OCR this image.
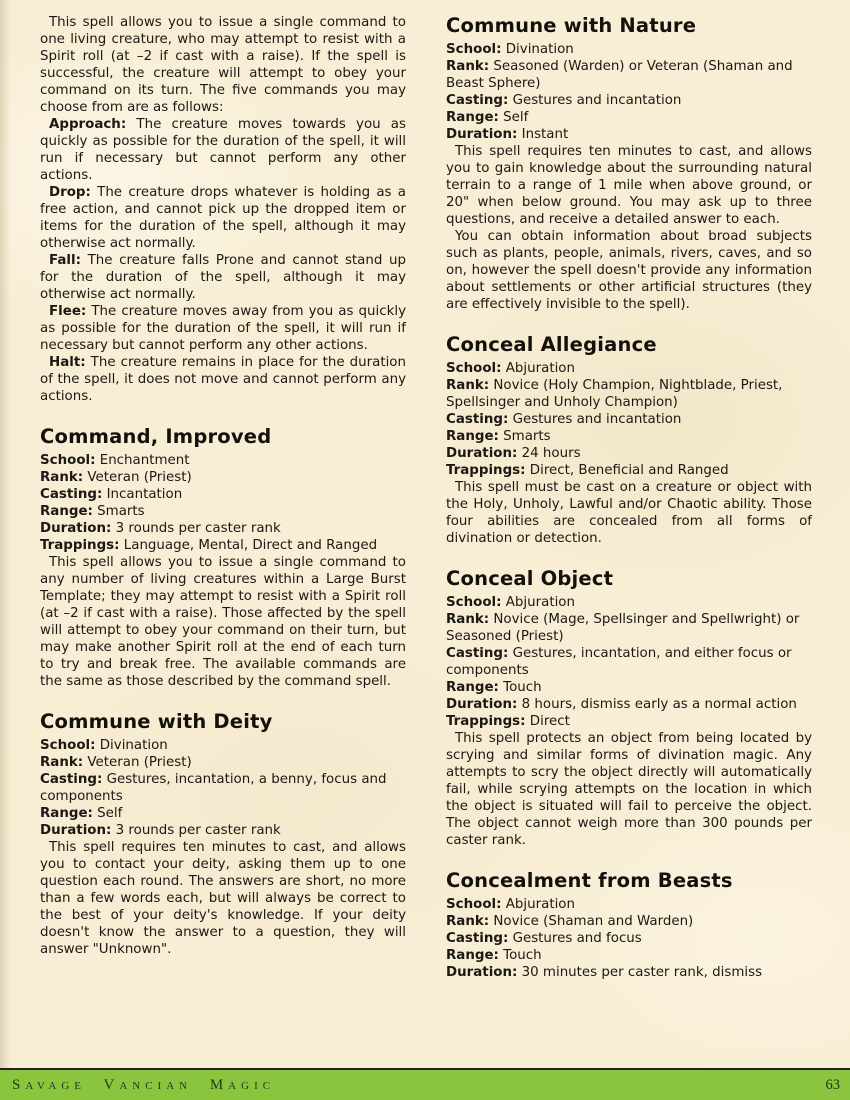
This spell allows you to issue a single command to one living creature, who may attempt to resist with a Spirit roll (at –2 if cast with a raise). If the spell is successful, the creature will attempt to obey your command on its turn. The five commands you may choose from are as follows:

Approach: The creature moves towards you as quickly as possible for the duration of the spell, it will run if necessary but cannot perform any other actions.

Drop: The creature drops whatever is holding as a free action, and cannot pick up the dropped item or items for the duration of the spell, although it may otherwise act normally.

Fall: The creature falls Prone and cannot stand up for the duration of the spell, although it may otherwise act normally.

Flee: The creature moves away from you as quickly as possible for the duration of the spell, it will run if necessary but cannot perform any other actions.

Halt: The creature remains in place for the duration of the spell, it does not move and cannot perform any actions.

Command, Improved
School: Enchantment
Rank: Veteran (Priest)
Casting: Incantation
Range: Smarts
Duration: 3 rounds per caster rank
Trappings: Language, Mental, Direct and Ranged

This spell allows you to issue a single command to any number of living creatures within a Large Burst Template; they may attempt to resist with a Spirit roll (at –2 if cast with a raise). Those affected by the spell will attempt to obey your command on their turn, but may make another Spirit roll at the end of each turn to try and break free. The available commands are the same as those described by the command spell.

Commune with Deity
School: Divination
Rank: Veteran (Priest)
Casting: Gestures, incantation, a benny, focus and components
Range: Self
Duration: 3 rounds per caster rank

This spell requires ten minutes to cast, and allows you to contact your deity, asking them up to one question each round. The answers are short, no more than a few words each, but will always be correct to the best of your deity's knowledge. If your deity doesn't know the answer to a question, they will answer "Unknown".

Commune with Nature
School: Divination
Rank: Seasoned (Warden) or Veteran (Shaman and Beast Sphere)
Casting: Gestures and incantation
Range: Self
Duration: Instant

This spell requires ten minutes to cast, and allows you to gain knowledge about the surrounding natural terrain to a range of 1 mile when above ground, or 20" when below ground. You may ask up to three questions, and receive a detailed answer to each.

You can obtain information about broad subjects such as plants, people, animals, rivers, caves, and so on, however the spell doesn't provide any information about settlements or other artificial structures (they are effectively invisible to the spell).

Conceal Allegiance
School: Abjuration
Rank: Novice (Holy Champion, Nightblade, Priest, Spellsinger and Unholy Champion)
Casting: Gestures and incantation
Range: Smarts
Duration: 24 hours
Trappings: Direct, Beneficial and Ranged

This spell must be cast on a creature or object with the Holy, Unholy, Lawful and/or Chaotic ability. Those four abilities are concealed from all forms of divination or detection.

Conceal Object
School: Abjuration
Rank: Novice (Mage, Spellsinger and Spellwright) or Seasoned (Priest)
Casting: Gestures, incantation, and either focus or components
Range: Touch
Duration: 8 hours, dismiss early as a normal action
Trappings: Direct

This spell protects an object from being located by scrying and similar forms of divination magic. Any attempts to scry the object directly will automatically fail, while scrying attempts on the location in which the object is situated will fail to perceive the object. The object cannot weigh more than 300 pounds per caster rank.

Concealment from Beasts
School: Abjuration
Rank: Novice (Shaman and Warden)
Casting: Gestures and focus
Range: Touch
Duration: 30 minutes per caster rank, dismiss
Savage Vancian Magic	63
